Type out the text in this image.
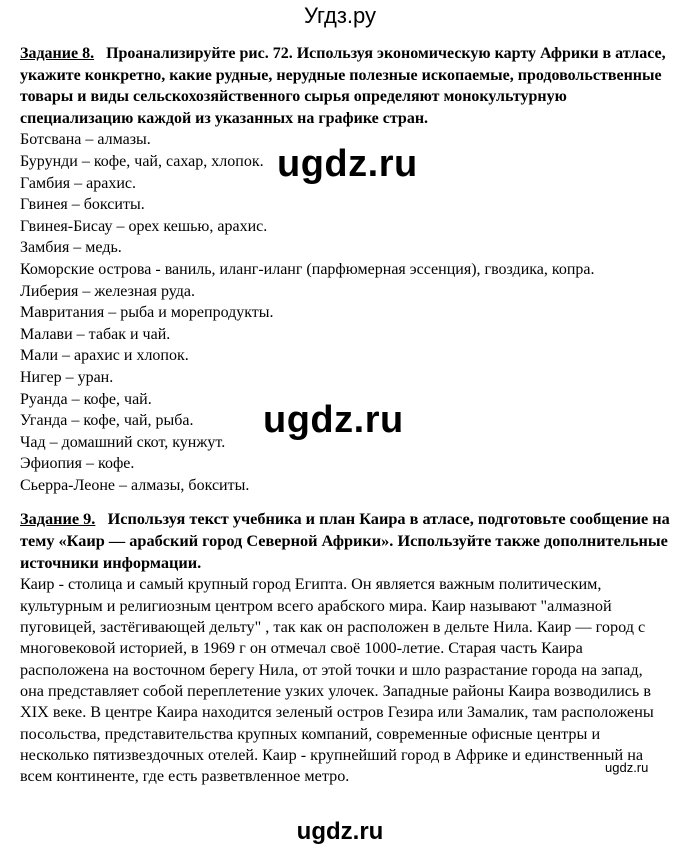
Угдз.ру

Задание 8. Проанализируйте рис. 72. Используя экономическую карту Африки в атласе, укажите конкретно, какие рудные, нерудные полезные ископаемые, продовольственные товары и виды сельскохозяйственного сырья определяют монокультурную специализацию каждой из указанных на графике стран.

Ботсвана – алмазы.
Бурунди – кофе, чай, сахар, хлопок.
Гамбия – арахис.
Гвинея – бокситы.
Гвинея-Бисау – орех кешью, арахис.
Замбия – медь.
Коморские острова - ваниль, иланг-иланг (парфюмерная эссенция), гвоздика, копра.
Либерия – железная руда.
Мавритания – рыба и морепродукты.
Малави – табак и чай.
Мали – арахис и хлопок.
Нигер – уран.
Руанда – кофе, чай.
Уганда – кофе, чай, рыба.
Чад – домашний скот, кунжут.
Эфиопия – кофе.
Сьерра-Леоне – алмазы, бокситы.

Задание 9. Используя текст учебника и план Каира в атласе, подготовьте сообщение на тему «Каир — арабский город Северной Африки». Используйте также дополнительные источники информации.

Каир - столица и самый крупный город Египта. Он является важным политическим, культурным и религиозным центром всего арабского мира. Каир называют "алмазной пуговицей, застёгивающей дельту" , так как он расположен в дельте Нила. Каир — город с многовековой историей, в 1969 г он отмечал своё 1000-летие. Старая часть Каира расположена на восточном берегу Нила, от этой точки и шло разрастание города на запад, она представляет собой переплетение узких улочек. Западные районы Каира возводились в XIX веке. В центре Каира находится зеленый остров Гезира или Замалик, там расположены посольства, представительства крупных компаний, современные офисные центры и несколько пятизвездочных отелей. Каир - крупнейший город в Африке и единственный на всем континенте, где есть разветвленное метро.

ugdz.ru
ugdz.ru
ugdz.ru
ugdz.ru
